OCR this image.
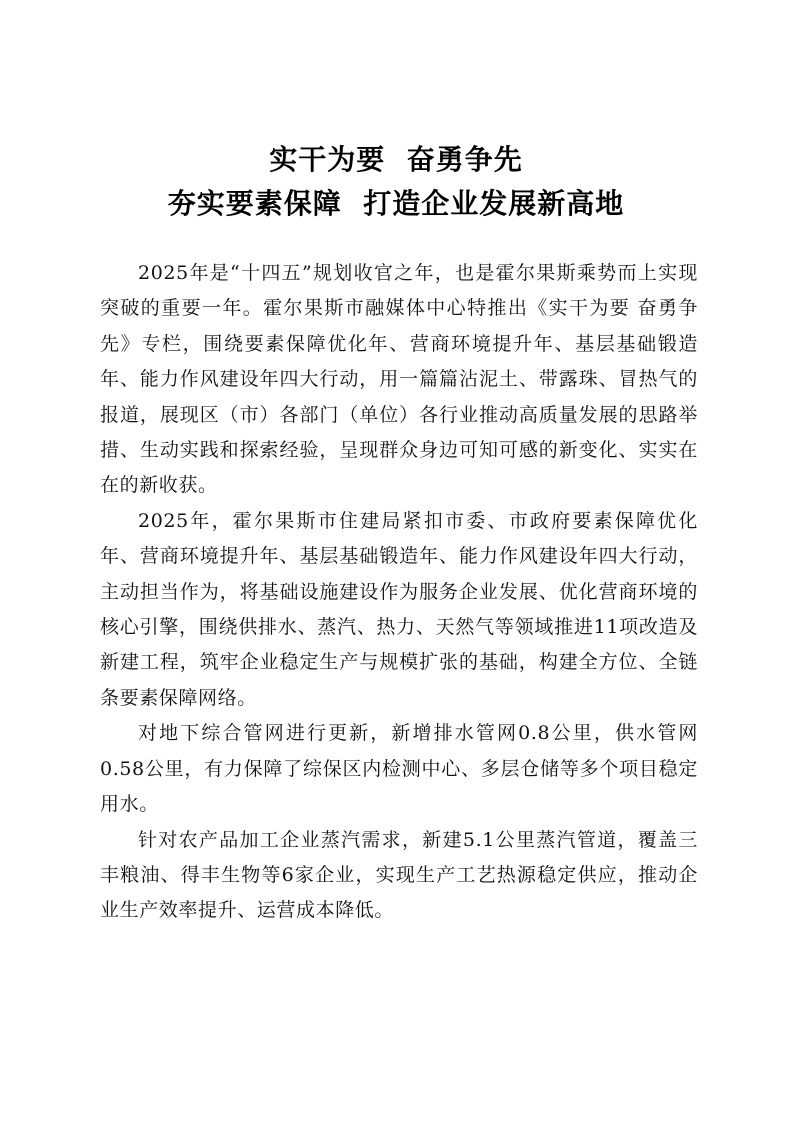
实干为要  奋勇争先
夯实要素保障  打造企业发展新高地

2025年是“十四五”规划收官之年，也是霍尔果斯乘势而上实现突破的重要一年。霍尔果斯市融媒体中心特推出《实干为要 奋勇争先》专栏，围绕要素保障优化年、营商环境提升年、基层基础锻造年、能力作风建设年四大行动，用一篇篇沾泥土、带露珠、冒热气的报道，展现区（市）各部门（单位）各行业推动高质量发展的思路举措、生动实践和探索经验，呈现群众身边可知可感的新变化、实实在在的新收获。

2025年，霍尔果斯市住建局紧扣市委、市政府要素保障优化年、营商环境提升年、基层基础锻造年、能力作风建设年四大行动，主动担当作为，将基础设施建设作为服务企业发展、优化营商环境的核心引擎，围绕供排水、蒸汽、热力、天然气等领域推进11项改造及新建工程，筑牢企业稳定生产与规模扩张的基础，构建全方位、全链条要素保障网络。

对地下综合管网进行更新，新增排水管网0.8公里，供水管网0.58公里，有力保障了综保区内检测中心、多层仓储等多个项目稳定用水。

针对农产品加工企业蒸汽需求，新建5.1公里蒸汽管道，覆盖三丰粮油、得丰生物等6家企业，实现生产工艺热源稳定供应，推动企业生产效率提升、运营成本降低。
